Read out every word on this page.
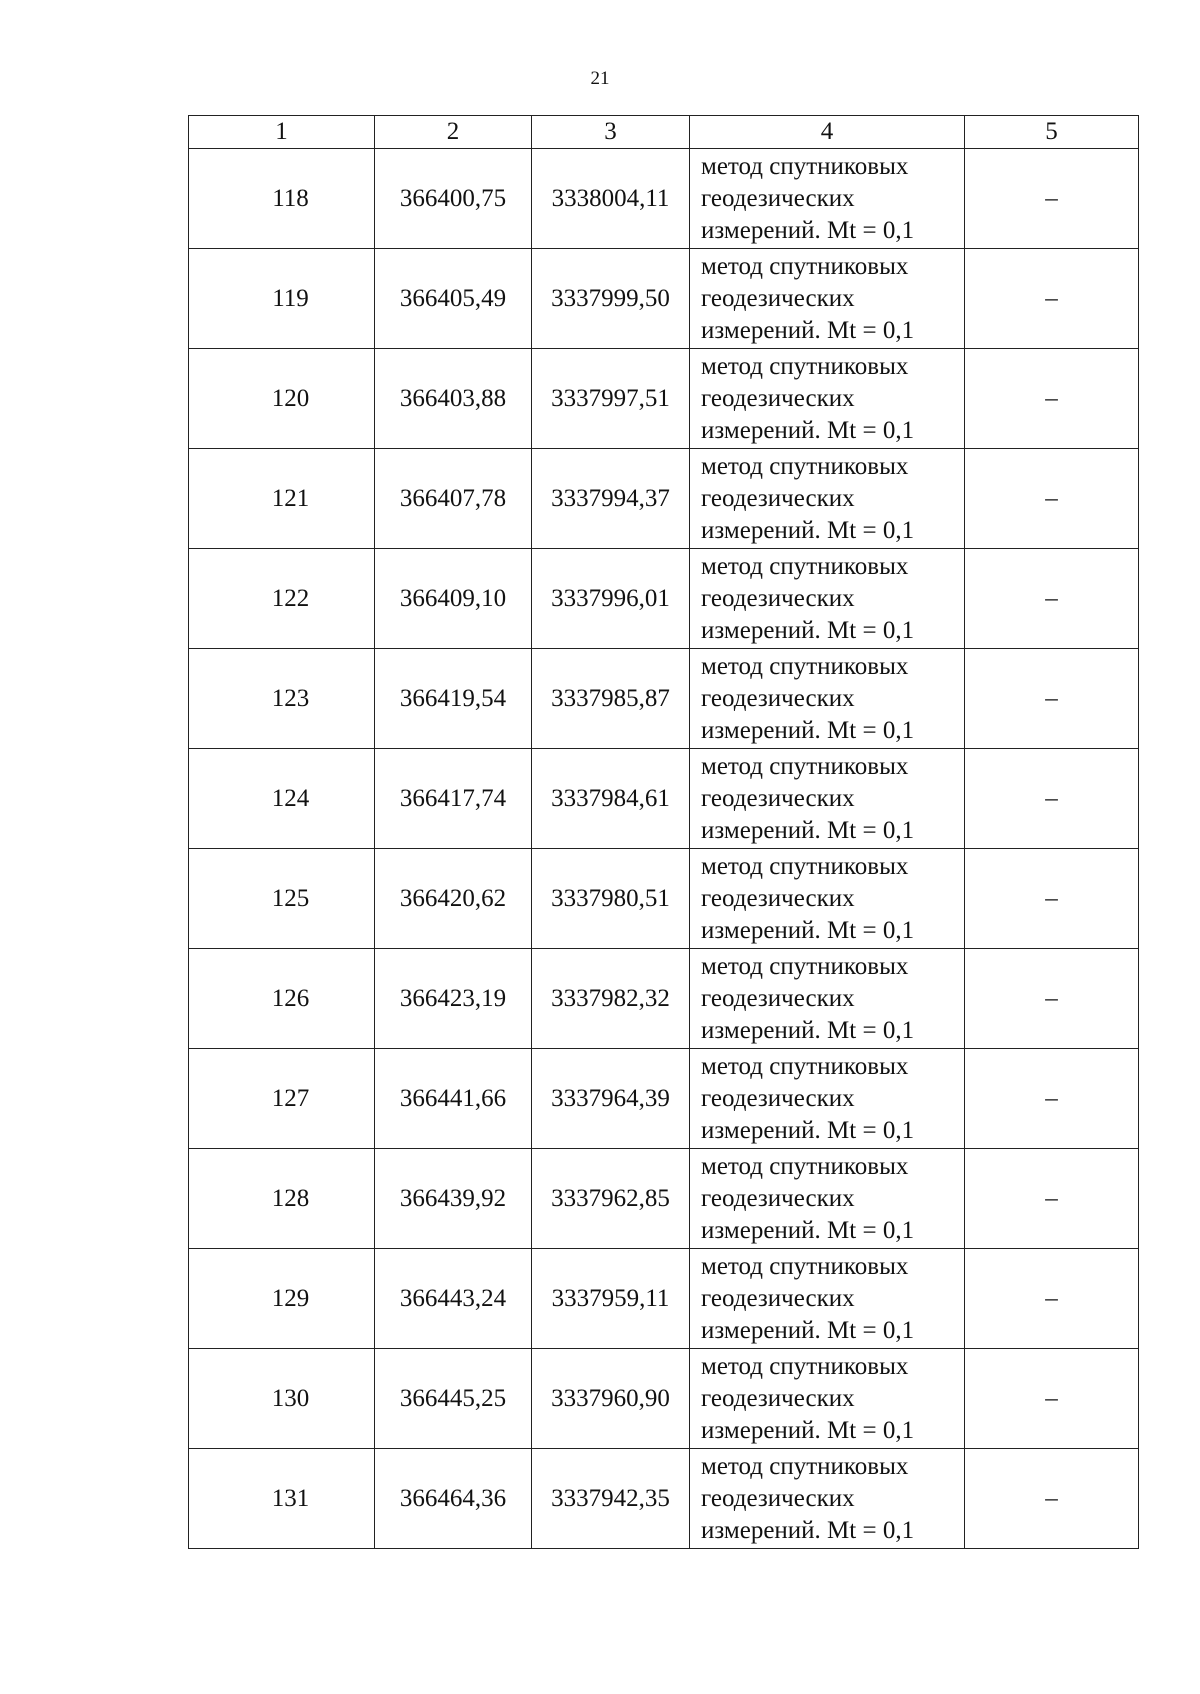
21
1	2	3	4	5
118	366400,75	3338004,11	метод спутниковых
геодезических
измерений. Mt = 0,1	–
119	366405,49	3337999,50	метод спутниковых
геодезических
измерений. Mt = 0,1	–
120	366403,88	3337997,51	метод спутниковых
геодезических
измерений. Mt = 0,1	–
121	366407,78	3337994,37	метод спутниковых
геодезических
измерений. Mt = 0,1	–
122	366409,10	3337996,01	метод спутниковых
геодезических
измерений. Mt = 0,1	–
123	366419,54	3337985,87	метод спутниковых
геодезических
измерений. Mt = 0,1	–
124	366417,74	3337984,61	метод спутниковых
геодезических
измерений. Mt = 0,1	–
125	366420,62	3337980,51	метод спутниковых
геодезических
измерений. Mt = 0,1	–
126	366423,19	3337982,32	метод спутниковых
геодезических
измерений. Mt = 0,1	–
127	366441,66	3337964,39	метод спутниковых
геодезических
измерений. Mt = 0,1	–
128	366439,92	3337962,85	метод спутниковых
геодезических
измерений. Mt = 0,1	–
129	366443,24	3337959,11	метод спутниковых
геодезических
измерений. Mt = 0,1	–
130	366445,25	3337960,90	метод спутниковых
геодезических
измерений. Mt = 0,1	–
131	366464,36	3337942,35	метод спутниковых
геодезических
измерений. Mt = 0,1	–
